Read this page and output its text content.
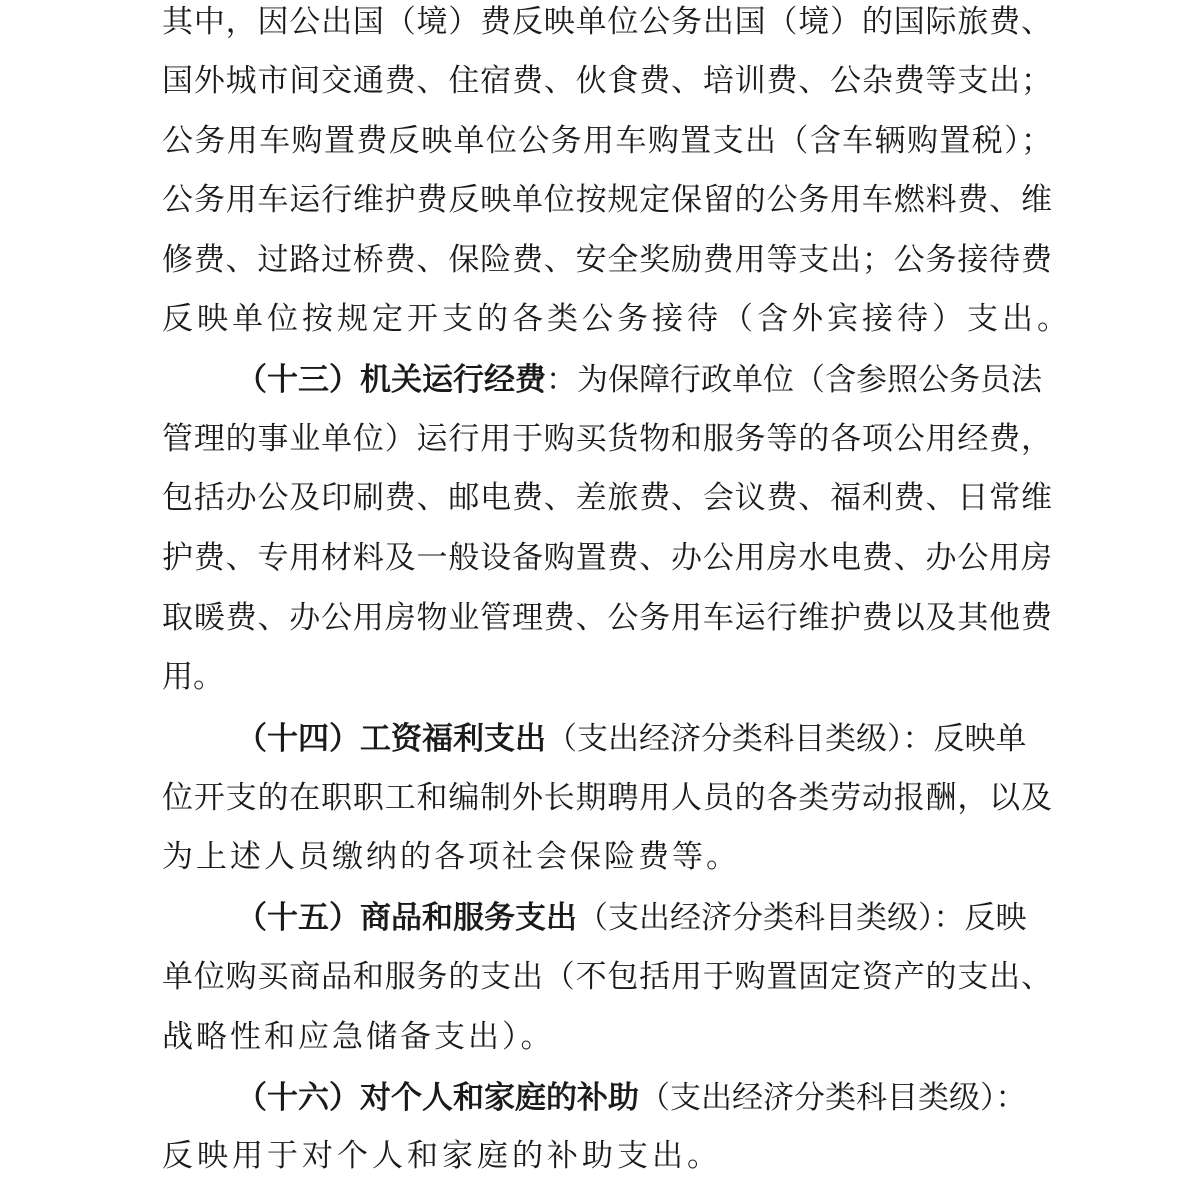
其中，因公出国（境）费反映单位公务出国（境）的国际旅费、
国外城市间交通费、住宿费、伙食费、培训费、公杂费等支出；
公务用车购置费反映单位公务用车购置支出（含车辆购置税）；
公务用车运行维护费反映单位按规定保留的公务用车燃料费、维
修费、过路过桥费、保险费、安全奖励费用等支出；公务接待费
反映单位按规定开支的各类公务接待（含外宾接待）支出。
（十三）机关运行经费：为保障行政单位（含参照公务员法
管理的事业单位）运行用于购买货物和服务等的各项公用经费，
包括办公及印刷费、邮电费、差旅费、会议费、福利费、日常维
护费、专用材料及一般设备购置费、办公用房水电费、办公用房
取暖费、办公用房物业管理费、公务用车运行维护费以及其他费
用。
（十四）工资福利支出（支出经济分类科目类级）：反映单
位开支的在职职工和编制外长期聘用人员的各类劳动报酬，以及
为上述人员缴纳的各项社会保险费等。
（十五）商品和服务支出（支出经济分类科目类级）：反映
单位购买商品和服务的支出（不包括用于购置固定资产的支出、
战略性和应急储备支出）。
（十六）对个人和家庭的补助（支出经济分类科目类级）：
反映用于对个人和家庭的补助支出。
